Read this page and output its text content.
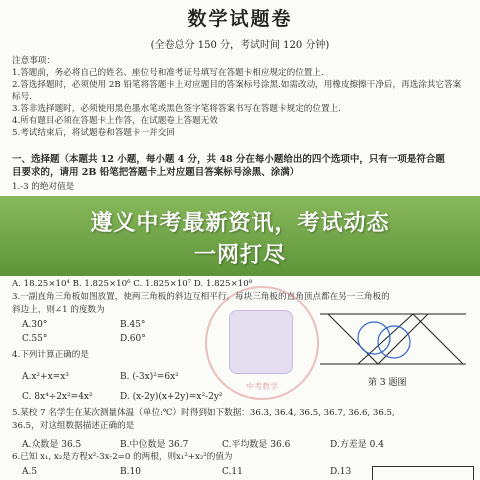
数学试题卷
(全卷总分 150 分，考试时间 120 分钟)
注意事项：
1.答题前，务必将自己的姓名、座位号和准考证号填写在答题卡相应规定的位置上.
2.答选择题时，必须使用 2B 铅笔将答题卡上对应题目的答案标号涂黑.如需改动，用橡皮擦擦干净后，再选涂其它答案
标号.
3.答非选择题时，必须使用黑色墨水笔或黑色签字笔将答案书写在答题卡规定的位置上.
4.所有题目必须在答题卡上作答，在试题卷上答题无效
5.考试结束后，将试题卷和答题卡一并交回
一、选择题（本题共 12 小题，每小题 4 分，共 48 分在每小题给出的四个选项中，只有一项是符合题
目要求的，请用 2B 铅笔把答题卡上对应题目答案标号涂黑、涂满）
1.-3 的绝对值是
遵义中考最新资讯，考试动态
一网打尽
A. 18.25×10⁴ B. 1.825×10⁶ C. 1.825×10⁷ D. 1.825×10⁸
3.一副直角三角板如图放置，使两三角板的斜边互相平行，每块三角板的直角顶点都在另一三角板的
斜边上，则∠1 的度数为
A.30°	B.45°
C.55°	D.60°
4.下列计算正确的是
A.x²+x=x³	B. (-3x)²=6x²
C. 8x⁴÷2x²=4x²	D. (x-2y)(x+2y)=x²-2y²
5.某校 7 名学生在某次测量体温（单位:℃）时得到如下数据：36.3, 36.4, 36.5, 36.7, 36.6, 36.5,
36.5，对这组数据描述正确的是
A.众数是 36.5	B.中位数是 36.7	C.平均数是 36.6	D.方差是 0.4
6.已知 x₁, x₂是方程x²-3x-2=0 的两根，则x₁²+x₂²的值为
A.5	B.10	C.11	D.13
中考教学	第 3 题图
